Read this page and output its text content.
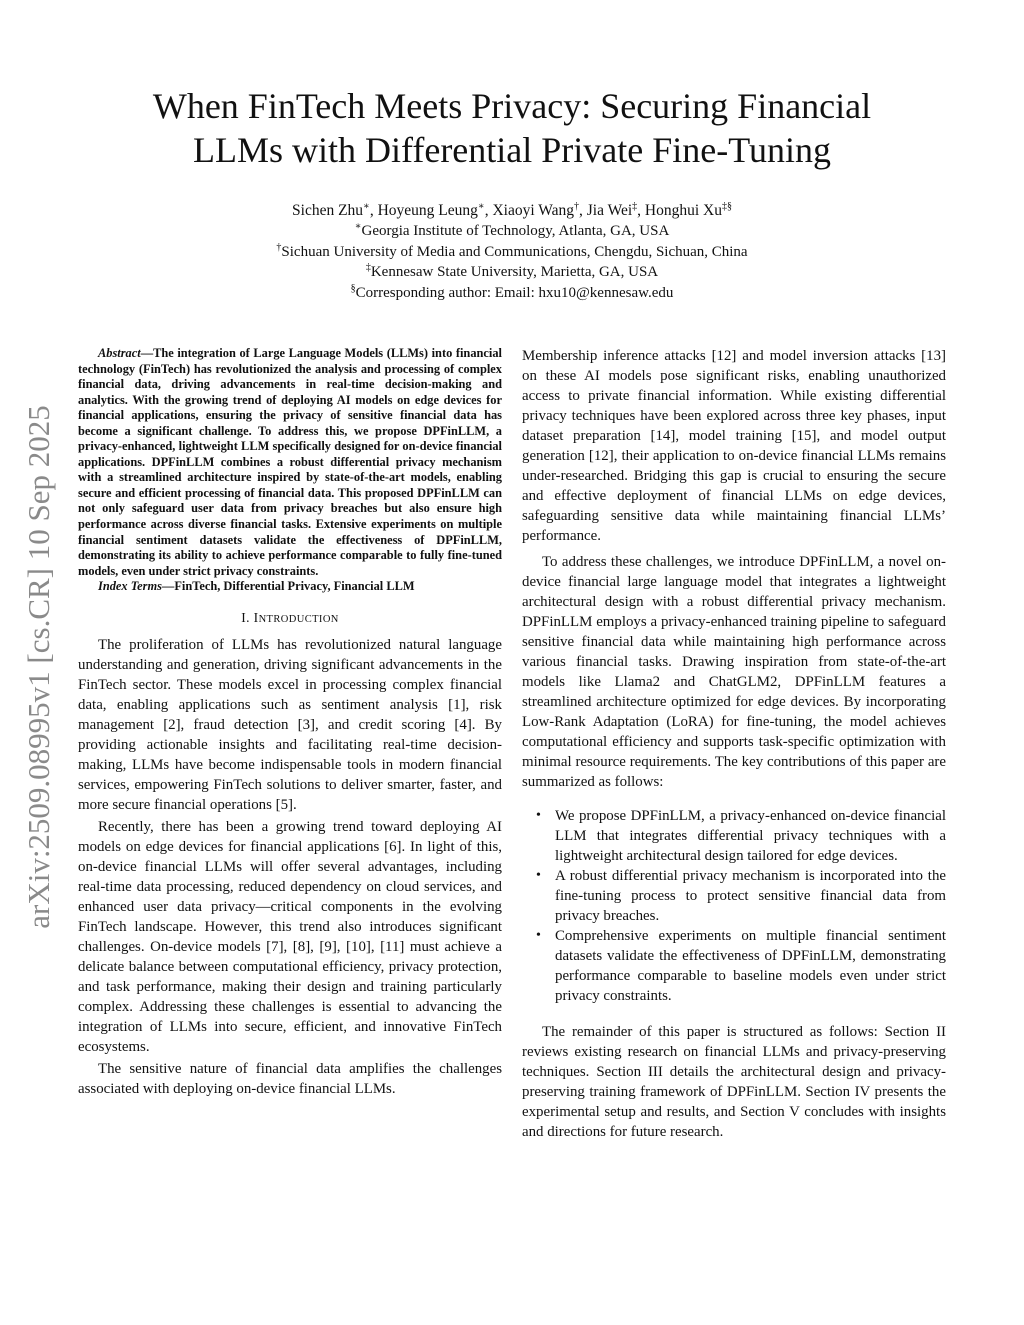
arXiv:2509.08995v1 [cs.CR] 10 Sep 2025
When FinTech Meets Privacy: Securing Financial
LLMs with Differential Private Fine-Tuning
Sichen Zhu∗, Hoyeung Leung∗, Xiaoyi Wang†, Jia Wei‡, Honghui Xu‡§
∗Georgia Institute of Technology, Atlanta, GA, USA
†Sichuan University of Media and Communications, Chengdu, Sichuan, China
‡Kennesaw State University, Marietta, GA, USA
§Corresponding author: Email: hxu10@kennesaw.edu

Abstract—The integration of Large Language Models (LLMs) into financial technology (FinTech) has revolutionized the analysis and processing of complex financial data, driving advancements in real-time decision-making and analytics. With the growing trend of deploying AI models on edge devices for financial applications, ensuring the privacy of sensitive financial data has become a significant challenge. To address this, we propose DPFinLLM, a privacy-enhanced, lightweight LLM specifically designed for on-device financial applications. DPFinLLM combines a robust differential privacy mechanism with a streamlined architecture inspired by state-of-the-art models, enabling secure and efficient processing of financial data. This proposed DPFinLLM can not only safeguard user data from privacy breaches but also ensure high performance across diverse financial tasks. Extensive experiments on multiple financial sentiment datasets validate the effectiveness of DPFinLLM, demonstrating its ability to achieve performance comparable to fully fine-tuned models, even under strict privacy constraints.

Index Terms—FinTech, Differential Privacy, Financial LLM

I. INTRODUCTION

The proliferation of LLMs has revolutionized natural language understanding and generation, driving significant advancements in the FinTech sector. These models excel in processing complex financial data, enabling applications such as sentiment analysis [1], risk management [2], fraud detection [3], and credit scoring [4]. By providing actionable insights and facilitating real-time decision-making, LLMs have become indispensable tools in modern financial services, empowering FinTech solutions to deliver smarter, faster, and more secure financial operations [5].

Recently, there has been a growing trend toward deploying AI models on edge devices for financial applications [6]. In light of this, on-device financial LLMs will offer several advantages, including real-time data processing, reduced dependency on cloud services, and enhanced user data privacy—critical components in the evolving FinTech landscape. However, this trend also introduces significant challenges. On-device models [7], [8], [9], [10], [11] must achieve a delicate balance between computational efficiency, privacy protection, and task performance, making their design and training particularly complex. Addressing these challenges is essential to advancing the integration of LLMs into secure, efficient, and innovative FinTech ecosystems.

The sensitive nature of financial data amplifies the challenges associated with deploying on-device financial LLMs.

Membership inference attacks [12] and model inversion attacks [13] on these AI models pose significant risks, enabling unauthorized access to private financial information. While existing differential privacy techniques have been explored across three key phases, input dataset preparation [14], model training [15], and model output generation [12], their application to on-device financial LLMs remains under-researched. Bridging this gap is crucial to ensuring the secure and effective deployment of financial LLMs on edge devices, safeguarding sensitive data while maintaining financial LLMs’ performance.

To address these challenges, we introduce DPFinLLM, a novel on-device financial large language model that integrates a lightweight architectural design with a robust differential privacy mechanism. DPFinLLM employs a privacy-enhanced training pipeline to safeguard sensitive financial data while maintaining high performance across various financial tasks. Drawing inspiration from state-of-the-art models like Llama2 and ChatGLM2, DPFinLLM features a streamlined architecture optimized for edge devices. By incorporating Low-Rank Adaptation (LoRA) for fine-tuning, the model achieves computational efficiency and supports task-specific optimization with minimal resource requirements. The key contributions of this paper are summarized as follows:

• We propose DPFinLLM, a privacy-enhanced on-device financial LLM that integrates differential privacy techniques with a lightweight architectural design tailored for edge devices.
• A robust differential privacy mechanism is incorporated into the fine-tuning process to protect sensitive financial data from privacy breaches.
• Comprehensive experiments on multiple financial sentiment datasets validate the effectiveness of DPFinLLM, demonstrating performance comparable to baseline models even under strict privacy constraints.

The remainder of this paper is structured as follows: Section II reviews existing research on financial LLMs and privacy-preserving techniques. Section III details the architectural design and privacy-preserving training framework of DPFinLLM. Section IV presents the experimental setup and results, and Section V concludes with insights and directions for future research.
